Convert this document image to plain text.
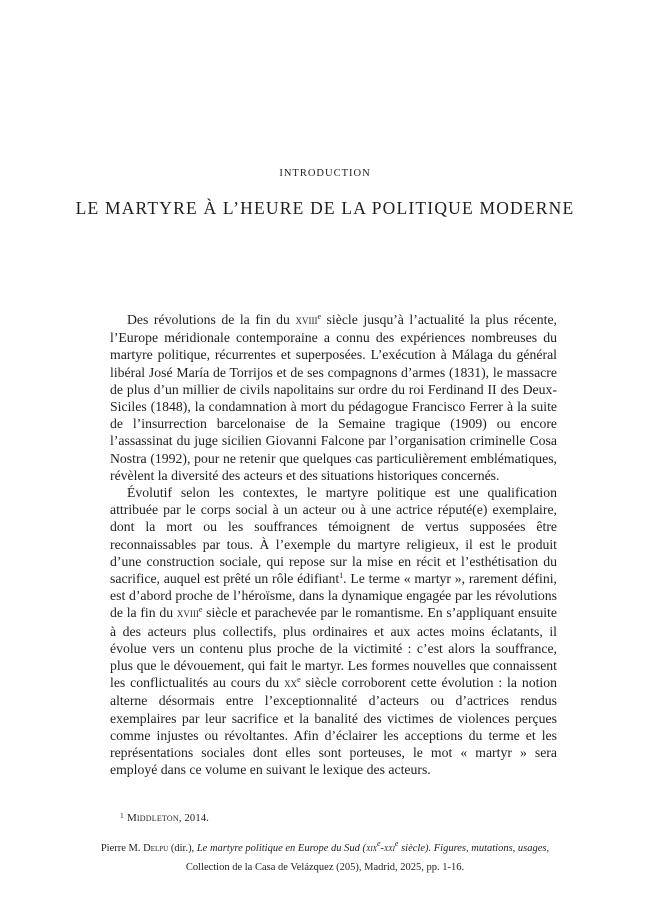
INTRODUCTION
LE MARTYRE À L’HEURE DE LA POLITIQUE MODERNE

Des révolutions de la fin du xviii$^e$ siècle jusqu’à l’actualité la plus récente, l’Europe méridionale contemporaine a connu des expériences nombreuses du martyre politique, récurrentes et superposées. L’exécution à Málaga du général libéral José María de Torrijos et de ses compagnons d’armes (1831), le massacre de plus d’un millier de civils napolitains sur ordre du roi Ferdinand II des Deux-Siciles (1848), la condamnation à mort du pédagogue Francisco Ferrer à la suite de l’insurrection barcelonaise de la Semaine tragique (1909) ou encore l’assassinat du juge sicilien Giovanni Falcone par l’organisation criminelle Cosa Nostra (1992), pour ne retenir que quelques cas particulièrement emblématiques, révèlent la diversité des acteurs et des situations historiques concernés.

Évolutif selon les contextes, le martyre politique est une qualification attribuée par le corps social à un acteur ou à une actrice réputé(e) exemplaire, dont la mort ou les souffrances témoignent de vertus supposées être reconnaissables par tous. À l’exemple du martyre religieux, il est le produit d’une construction sociale, qui repose sur la mise en récit et l’esthétisation du sacrifice, auquel est prêté un rôle édifiant$^1$. Le terme « martyr », rarement défini, est d’abord proche de l’héroïsme, dans la dynamique engagée par les révolutions de la fin du xviii$^e$ siècle et parachevée par le romantisme. En s’appliquant ensuite à des acteurs plus collectifs, plus ordinaires et aux actes moins éclatants, il évolue vers un contenu plus proche de la victimité : c’est alors la souffrance, plus que le dévouement, qui fait le martyr. Les formes nouvelles que connaissent les conflictualités au cours du $xx^e$ siècle corroborent cette évolution : la notion alterne désormais entre l’exceptionnalité d’acteurs ou d’actrices rendus exemplaires par leur sacrifice et la banalité des victimes de violences perçues comme injustes ou révoltantes. Afin d’éclairer les acceptions du terme et les représentations sociales dont elles sont porteuses, le mot « martyr » sera employé dans ce volume en suivant le lexique des acteurs.

$^1$ Middleton, 2014.
Pierre M. Delpu (dir.), Le martyre politique en Europe du Sud (xix$^e$-xxi$^e$ siècle). Figures, mutations, usages,
Collection de la Casa de Velázquez (205), Madrid, 2025, pp. 1-16.
